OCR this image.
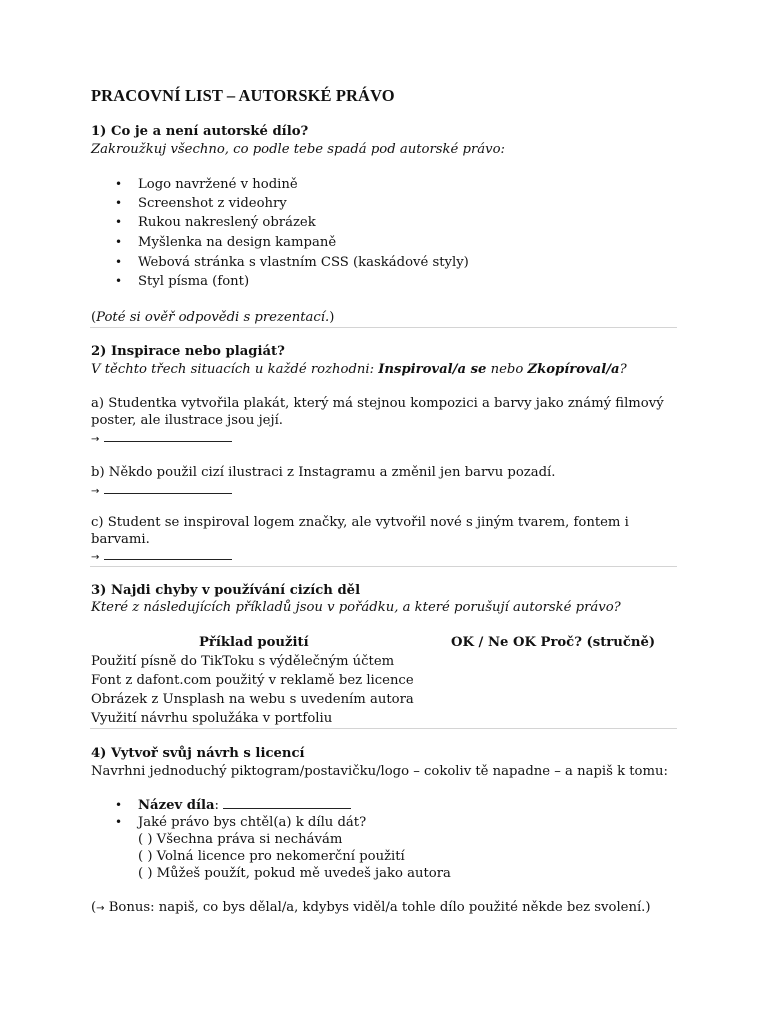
PRACOVNÍ LIST – AUTORSKÉ PRÁVO

1) Co je a není autorské dílo?

Zakroužkuj všechno, co podle tebe spadá pod autorské právo:

• Logo navržené v hodině

• Screenshot z videohry

• Rukou nakreslený obrázek

• Myšlenka na design kampaně

• Webová stránka s vlastním CSS (kaskádové styly)

• Styl písma (font)

(Poté si ověř odpovědi s prezentací.)

2) Inspirace nebo plagiát?

V těchto třech situacích u každé rozhodni: Inspiroval/a se nebo Zkopíroval/a?

a) Studentka vytvořila plakát, který má stejnou kompozici a barvy jako známý filmový

poster, ale ilustrace jsou její.

→

b) Někdo použil cizí ilustraci z Instagramu a změnil jen barvu pozadí.

→

c) Student se inspiroval logem značky, ale vytvořil nové s jiným tvarem, fontem i

barvami.

→

3) Najdi chyby v používání cizích děl

Které z následujících příkladů jsou v pořádku, a které porušují autorské právo?

Příklad použití	OK / Ne OK Proč? (stručně)

Použití písně do TikToku s výdělečným účtem

Font z dafont.com použitý v reklamě bez licence

Obrázek z Unsplash na webu s uvedením autora

Využití návrhu spolužáka v portfoliu

4) Vytvoř svůj návrh s licencí

Navrhni jednoduchý piktogram/postavičku/logo – cokoliv tě napadne – a napiš k tomu:

• Název díla:

• Jaké právo bys chtěl(a) k dílu dát?

( ) Všechna práva si nechávám

( ) Volná licence pro nekomerční použití

( ) Můžeš použít, pokud mě uvedeš jako autora

(→ Bonus: napiš, co bys dělal/a, kdybys viděl/a tohle dílo použité někde bez svolení.)
